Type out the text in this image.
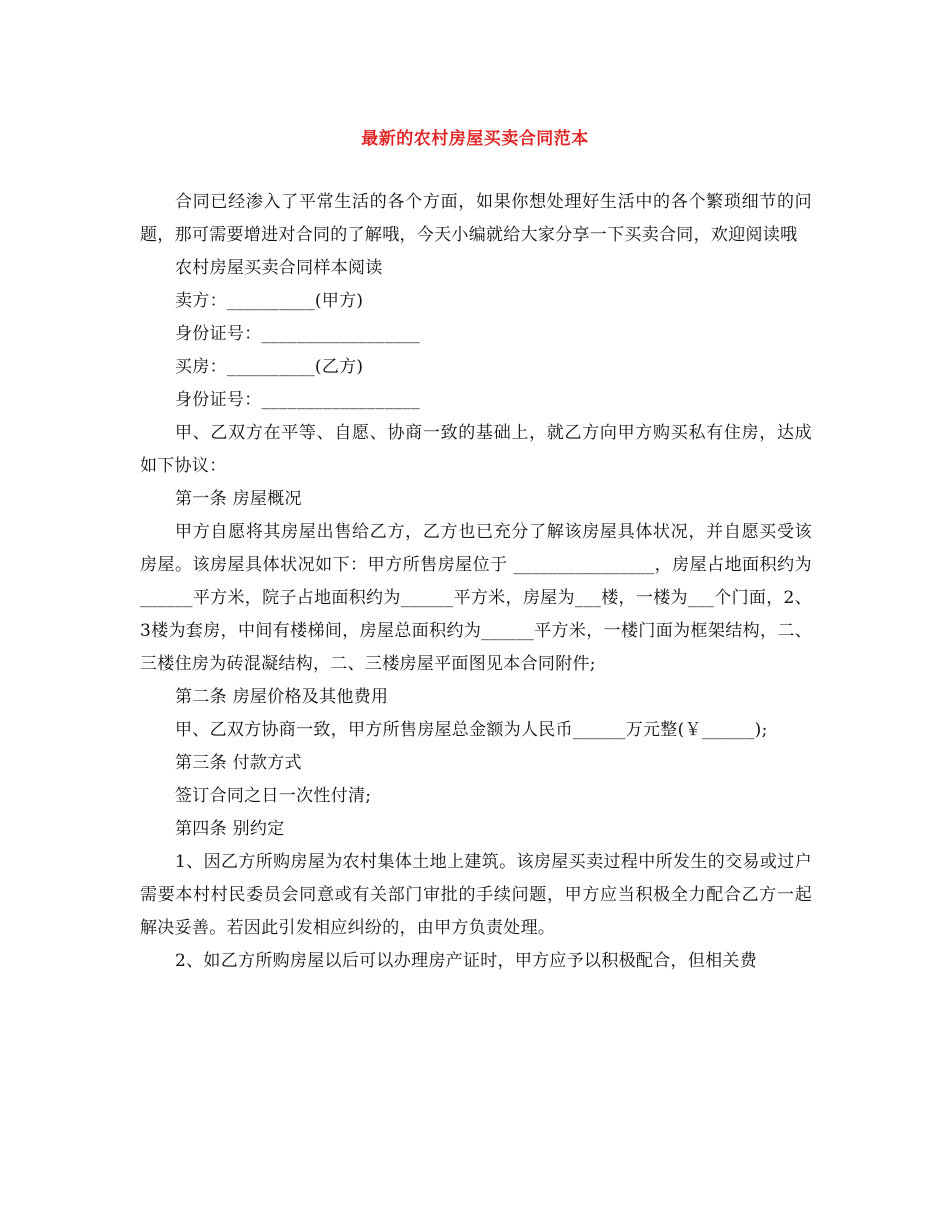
最新的农村房屋买卖合同范本

合同已经渗入了平常生活的各个方面，如果你想处理好生活中的各个繁琐细节的问题，那可需要增进对合同的了解哦，今天小编就给大家分享一下买卖合同，欢迎阅读哦

农村房屋买卖合同样本阅读

卖方：__________(甲方)

身份证号：__________________

买房：__________(乙方)

身份证号：__________________

甲、乙双方在平等、自愿、协商一致的基础上，就乙方向甲方购买私有住房，达成如下协议：

第一条 房屋概况

甲方自愿将其房屋出售给乙方，乙方也已充分了解该房屋具体状况，并自愿买受该房屋。该房屋具体状况如下：甲方所售房屋位于 ________________，房屋占地面积约为______平方米，院子占地面积约为______平方米，房屋为___楼，一楼为___个门面，2、3楼为套房，中间有楼梯间，房屋总面积约为______平方米，一楼门面为框架结构，二、三楼住房为砖混凝结构，二、三楼房屋平面图见本合同附件;

第二条 房屋价格及其他费用

甲、乙双方协商一致，甲方所售房屋总金额为人民币______万元整(￥______);

第三条 付款方式

签订合同之日一次性付清;

第四条 别约定

1、因乙方所购房屋为农村集体土地上建筑。该房屋买卖过程中所发生的交易或过户需要本村村民委员会同意或有关部门审批的手续问题，甲方应当积极全力配合乙方一起解决妥善。若因此引发相应纠纷的，由甲方负责处理。

2、如乙方所购房屋以后可以办理房产证时，甲方应予以积极配合，但相关费
